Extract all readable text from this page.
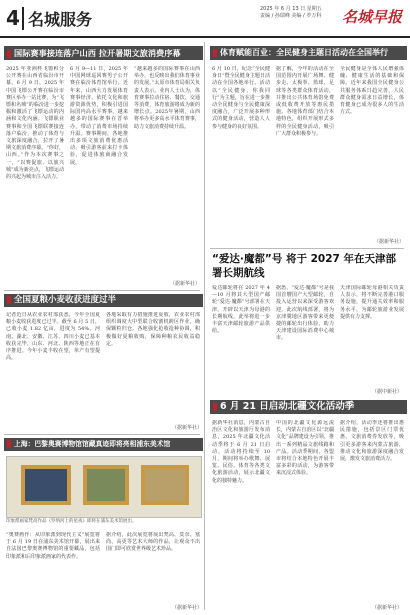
4 名城服务
2025 年 6 月 13 日 星期五
责编 / 孙瑞峰 美编 / 罗万科 名城早报
国际赛事接连落户山西 拉开暑期文旅消费序幕
2025 年亚洲杯飞镖积分公开赛在山西省临汾市开幕，6 月 9 日，2025 年中国飞镖公开赛在临汾市赛区举办一站比赛，为“飞镖和名城”的临汾进一步挖掘和激活了飞镖运动的内涵和文化内涵。飞镖职业赛事和全国飞镖联赛接连落户临汾，推动了体育与文旅深度融合，拉开了暑期文旅消费序幕。“你好，山西。”作为本次赛事之一，“以赛促旅、以旅兴城”成为新亮点，飞镖运动的兴起为城市注入活力。
6 月 9—11 日，2025 年中国网球巡回赛男子公开赛在临汾体育馆举行。近年来，山西大力发展体育赛事经济，依托文化和旅游资源优势，积极引进国际国内高水平赛事，越来越多的国际赛事在晋举办，带动了消费市场持续升温。赛事期间，各地推出多项文旅消费优惠活动，吸引游客前来打卡体验，促进体旅商融合发展。
“越来越多的国际赛事在山西举办，也反映出我们体育事业的发展。”太原市体育局相关负责人表示。业内人士认为，体育赛事拉动住宿、餐饮、交通等消费，体育旅游将成为新的增长点。2025年暑期，山西将举办更多高水平体育赛事，助力文旅消费持续升温。
（据新华社）
全国夏粮小麦收获进度过半
记者近日从农业农村部获悉，今年全国夏粮小麦收获进度已过半。截至 6 月 5 日，已收小麦 1.82 亿亩，进度为 54%。河南、湖北、安徽、江苏、四川小麦已基本收获完毕，山东、河北、陕西等地正在有序推进。今年小麦丰收在望，单产有望提高。
各地采取有力措施推进夏收，农业农村部组织调度大中型联合收割机跨区作业，确保颗粒归仓。各地强化抢收抢种协调，积极做好夏粮收购，保障种粮农民收益稳定。
（据新华社）
上海：巴黎奥赛博物馆馆藏真迹即将亮相浦东美术馆
印象派画家梵高作品《罗纳河上的星夜》即将在浦东美术馆展出。
“奥赛画作：从印象派到现代主义”展览将于 6 月 19 日在浦东美术馆开幕，展出来自法国巴黎奥赛博物馆的重要藏品，包括印象派和后印象派画家的代表作。
据介绍，此次展览将展出梵高、莫奈、塞尚、高更等艺术大师的作品，让观众不出国门即可欣赏世界级艺术珍品。
（据新华社）
体育赋能百业：全民健身主题日活动在全国举行
6 月 10 日，纪念“全民健身日”暨全民健身主题日活动在全国各地举行。活动以“全民健身、你我同行”为主题，旨在进一步推动全民健身与全民健康深度融合，广泛开展多种形式的健身活动，营造人人参与健身的良好氛围。
据了解，今年的活动在全国范围内开展广场舞、健步走、太极拳、篮球、足球等各类群众体育活动，并推出公共体育场馆免费或低收费开放等惠民措施。各地体育部门结合本地特色，组织开展形式多样的全民健身活动，吸引广大群众积极参与。
全民健身是全体人民增强体魄、健康生活的基础和保障。近年来我国全民健身公共服务体系日趋完善，人民群众健身需求日益增长，体育健身已成为很多人的生活方式。
（据新华社）
“爱达·魔都”号 将于 2027 年在天津部署长期航线
爱达邮轮将在 2027 年 4—10 月将其大型国产邮轮“爱达·魔都”号部署在天津，开辟以天津为母港的长期航线。此举将进一步丰富天津邮轮旅游产品供给。
据悉，“爱达·魔都”号是我国首艘国产大型邮轮，自投入运营以来深受游客欢迎。此次航线部署，将为京津冀地区游客带来更便捷的邮轮出行体验，助力天津建设国际消费中心城市。
天津国际邮轮母港相关负责人表示，将不断完善港口服务设施，提升通关效率和服务水平，为邮轮旅游业发展提供有力支撑。
（据中新社）
6 月 21 日启动北疆文化活动季
据新华社消息，内蒙古自治区文化和旅游厅发布消息，2025 年北疆文化活动季将于 6 月 21 日启动，活动将持续至 10 月，期间将举办歌舞、展览、民俗、体育等各类文化旅游活动，展示北疆文化的独特魅力。
中国的北疆文化源远流长，内蒙古自治区以“北疆文化”品牌建设为引领，推出一系列精品文旅线路和产品。活动季期间，各盟市将结合本地特色开展丰富多彩的活动，为游客带来沉浸式体验。
据介绍，活动季还将推出惠民措施，包括景区门票优惠、文旅消费券发放等，吸引更多游客来内蒙古旅游，推动文化和旅游深度融合发展，激发文旅消费活力。
（据新华社）
